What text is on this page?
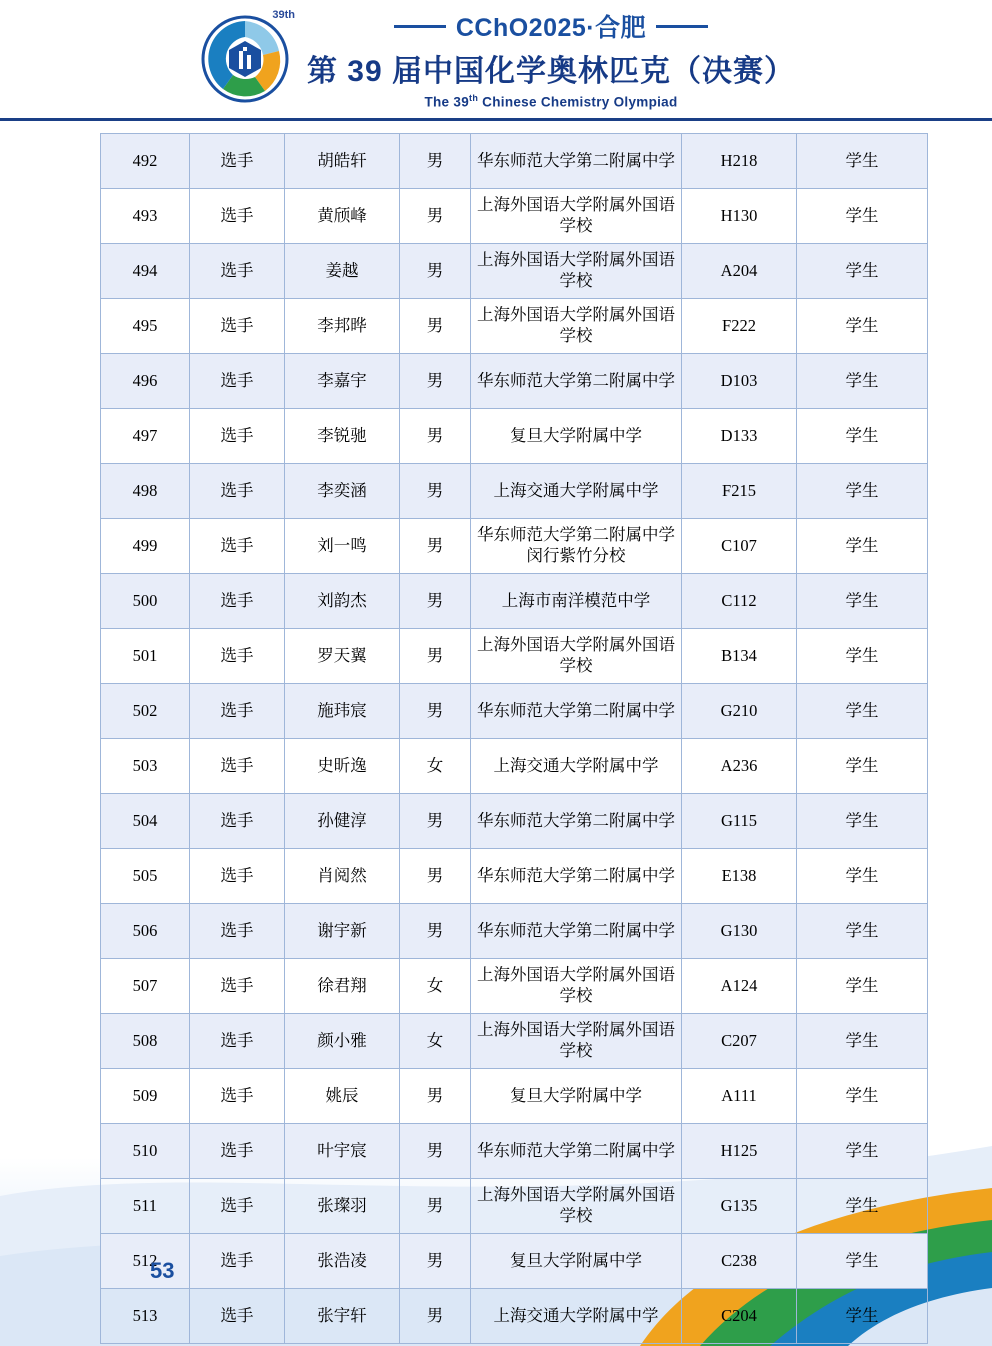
39th	CChO2025·合肥
第 39 届中国化学奥林匹克（决赛）
The 39th Chinese Chemistry Olympiad
492	选手	胡皓轩	男	华东师范大学第二附属中学	H218	学生
493	选手	黄颀峰	男	上海外国语大学附属外国语学校	H130	学生
494	选手	姜越	男	上海外国语大学附属外国语学校	A204	学生
495	选手	李邦晔	男	上海外国语大学附属外国语学校	F222	学生
496	选手	李嘉宇	男	华东师范大学第二附属中学	D103	学生
497	选手	李锐驰	男	复旦大学附属中学	D133	学生
498	选手	李奕涵	男	上海交通大学附属中学	F215	学生
499	选手	刘一鸣	男	华东师范大学第二附属中学闵行紫竹分校	C107	学生
500	选手	刘韵杰	男	上海市南洋模范中学	C112	学生
501	选手	罗天翼	男	上海外国语大学附属外国语学校	B134	学生
502	选手	施玮宸	男	华东师范大学第二附属中学	G210	学生
503	选手	史昕逸	女	上海交通大学附属中学	A236	学生
504	选手	孙健淳	男	华东师范大学第二附属中学	G115	学生
505	选手	肖阅然	男	华东师范大学第二附属中学	E138	学生
506	选手	谢宇新	男	华东师范大学第二附属中学	G130	学生
507	选手	徐君翔	女	上海外国语大学附属外国语学校	A124	学生
508	选手	颜小雅	女	上海外国语大学附属外国语学校	C207	学生
509	选手	姚辰	男	复旦大学附属中学	A111	学生
510	选手	叶宇宸	男	华东师范大学第二附属中学	H125	学生
511	选手	张璨羽	男	上海外国语大学附属外国语学校	G135	学生
512	选手	张浩凌	男	复旦大学附属中学	C238	学生
513	选手	张宇轩	男	上海交通大学附属中学	C204	学生
53
